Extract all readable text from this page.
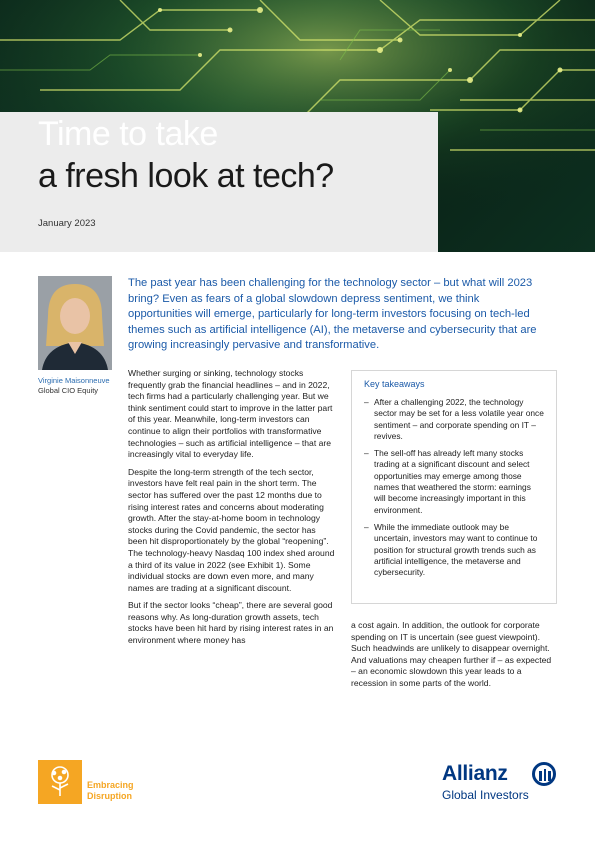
Time to take
a fresh look at tech?
January 2023
Virginie Maisonneuve
Global CIO Equity
The past year has been challenging for the technology sector – but what will 2023 bring? Even as fears of a global slowdown depress sentiment, we think opportunities will emerge, particularly for long-term investors focusing on tech-led themes such as artificial intelligence (AI), the metaverse and cybersecurity that are growing increasingly pervasive and transformative.

Whether surging or sinking, technology stocks frequently grab the financial headlines – and in 2022, tech firms had a particularly challenging year. But we think sentiment could start to improve in the latter part of this year. Meanwhile, long-term investors can continue to align their portfolios with transformative technologies – such as artificial intelligence – that are increasingly vital to everyday life.

Despite the long-term strength of the tech sector, investors have felt real pain in the short term. The sector has suffered over the past 12 months due to rising interest rates and concerns about moderating growth. After the stay-at-home boom in technology stocks during the Covid pandemic, the sector has been hit disproportionately by the global “reopening”. The technology-heavy Nasdaq 100 index shed around a third of its value in 2022 (see Exhibit 1). Some individual stocks are down even more, and many names are trading at a significant discount.

But if the sector looks “cheap”, there are several good reasons why. As long-duration growth assets, tech stocks have been hit hard by rising interest rates in an environment where money has

Key takeaways
– After a challenging 2022, the technology sector may be set for a less volatile year once sentiment – and corporate spending on IT – revives.
– The sell-off has already left many stocks trading at a significant discount and select opportunities may emerge among those names that weathered the storm: earnings will become increasingly important in this environment.
– While the immediate outlook may be uncertain, investors may want to continue to position for structural growth trends such as artificial intelligence, the metaverse and cybersecurity.

a cost again. In addition, the outlook for corporate spending on IT is uncertain (see guest viewpoint). Such headwinds are unlikely to disappear overnight. And valuations may cheapen further if – as expected – an economic slowdown this year leads to a recession in some parts of the world.

Embracing
Disruption
Allianz
Global Investors
